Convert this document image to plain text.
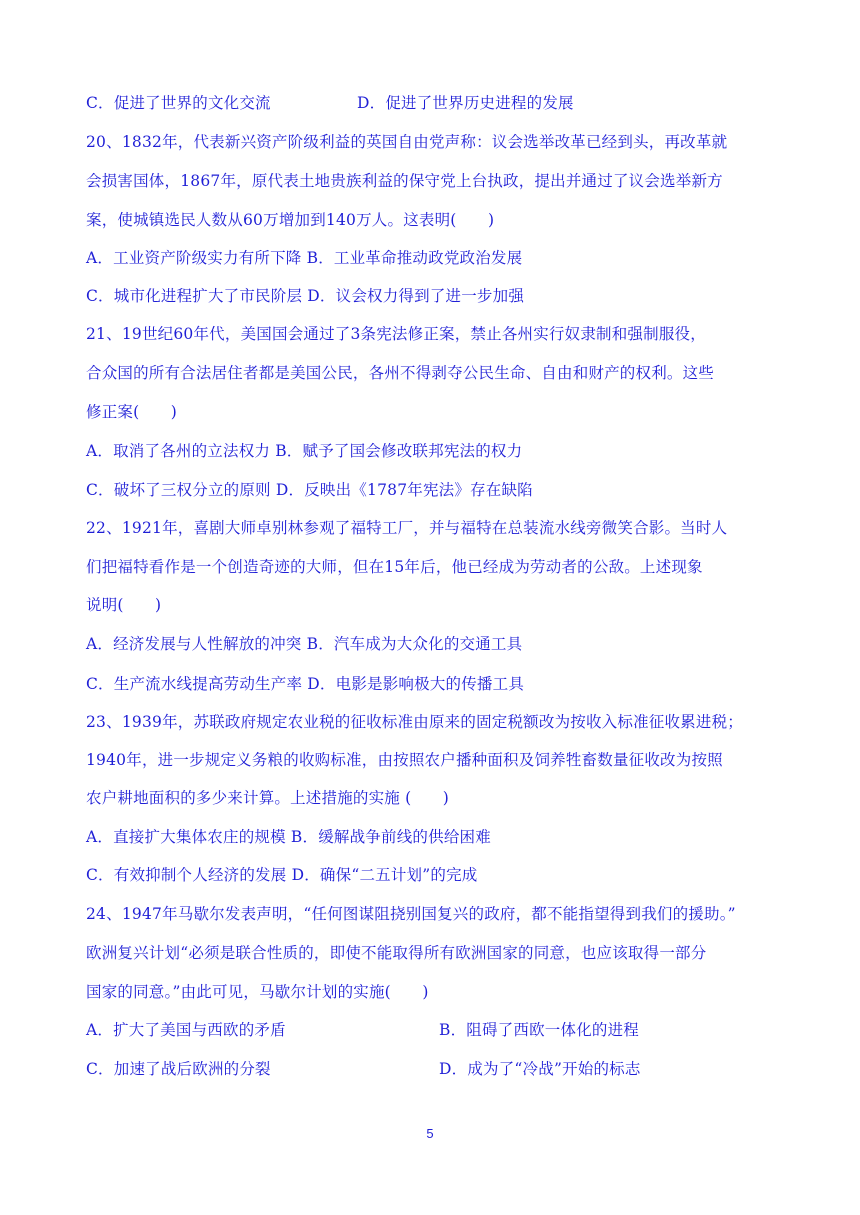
C．促进了世界的文化交流	D．促进了世界历史进程的发展
20、1832年，代表新兴资产阶级利益的英国自由党声称：议会选举改革已经到头，再改革就
会损害国体，1867年，原代表土地贵族利益的保守党上台执政，提出并通过了议会选举新方
案，使城镇选民人数从60万增加到140万人。这表明(　　)
A．工业资产阶级实力有所下降 B．工业革命推动政党政治发展
C．城市化进程扩大了市民阶层 D．议会权力得到了进一步加强
21、19世纪60年代，美国国会通过了3条宪法修正案，禁止各州实行奴隶制和强制服役，
合众国的所有合法居住者都是美国公民，各州不得剥夺公民生命、自由和财产的权利。这些
修正案(　　)
A．取消了各州的立法权力 B．赋予了国会修改联邦宪法的权力
C．破坏了三权分立的原则 D．反映出《1787年宪法》存在缺陷
22、1921年，喜剧大师卓别林参观了福特工厂，并与福特在总装流水线旁微笑合影。当时人
们把福特看作是一个创造奇迹的大师，但在15年后，他已经成为劳动者的公敌。上述现象
说明(　　)
A．经济发展与人性解放的冲突 B．汽车成为大众化的交通工具
C．生产流水线提高劳动生产率 D．电影是影响极大的传播工具
23、1939年，苏联政府规定农业税的征收标准由原来的固定税额改为按收入标准征收累进税；
1940年，进一步规定义务粮的收购标准，由按照农户播种面积及饲养牲畜数量征收改为按照
农户耕地面积的多少来计算。上述措施的实施 (　　)
A．直接扩大集体农庄的规模 B．缓解战争前线的供给困难
C．有效抑制个人经济的发展 D．确保“二五计划”的完成
24、1947年马歇尔发表声明，“任何图谋阻挠别国复兴的政府，都不能指望得到我们的援助。”
欧洲复兴计划“必须是联合性质的，即使不能取得所有欧洲国家的同意，也应该取得一部分
国家的同意。”由此可见，马歇尔计划的实施(　　)
A．扩大了美国与西欧的矛盾	B．阻碍了西欧一体化的进程
C．加速了战后欧洲的分裂	D．成为了“冷战”开始的标志
5
